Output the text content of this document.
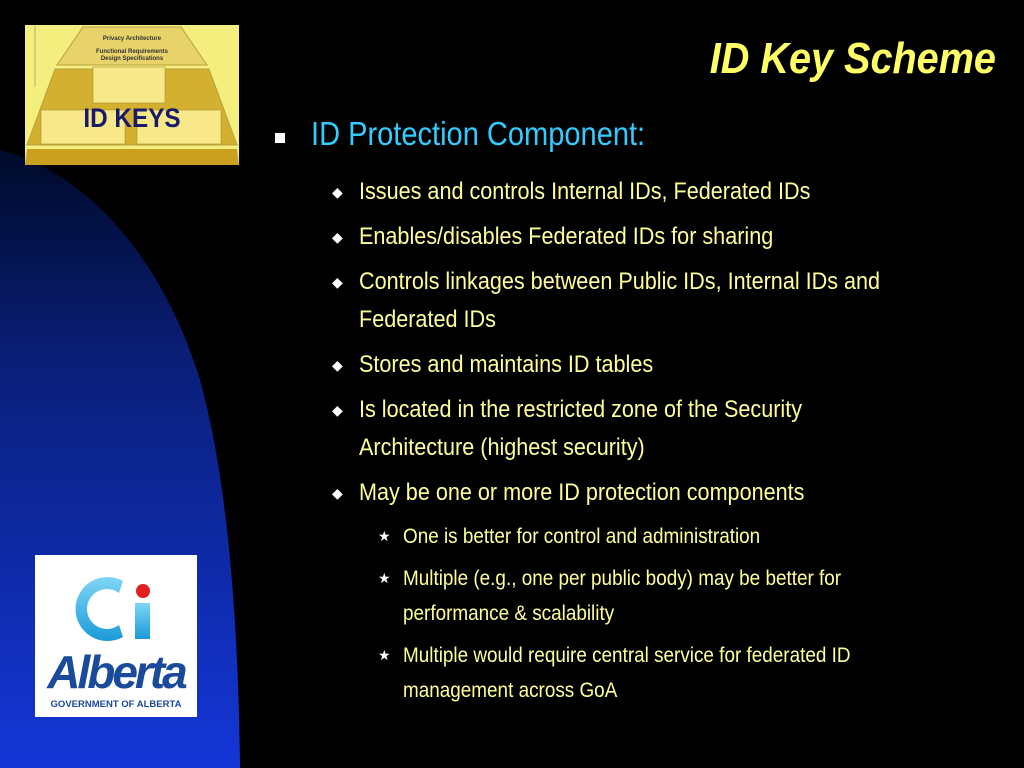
ID Key Scheme
Privacy Architecture
Functional Requirements
Design Specifications
ID KEYS
Alberta
GOVERNMENT OF ALBERTA
ID Protection Component:
◆ Issues and controls Internal IDs, Federated IDs
◆ Enables/disables Federated IDs for sharing
◆ Controls linkages between Public IDs, Internal IDs and Federated IDs
◆ Stores and maintains ID tables
◆ Is located in the restricted zone of the Security Architecture (highest security)
◆ May be one or more ID protection components
★ One is better for control and administration
★ Multiple (e.g., one per public body) may be better for performance & scalability
★ Multiple would require central service for federated ID management across GoA
